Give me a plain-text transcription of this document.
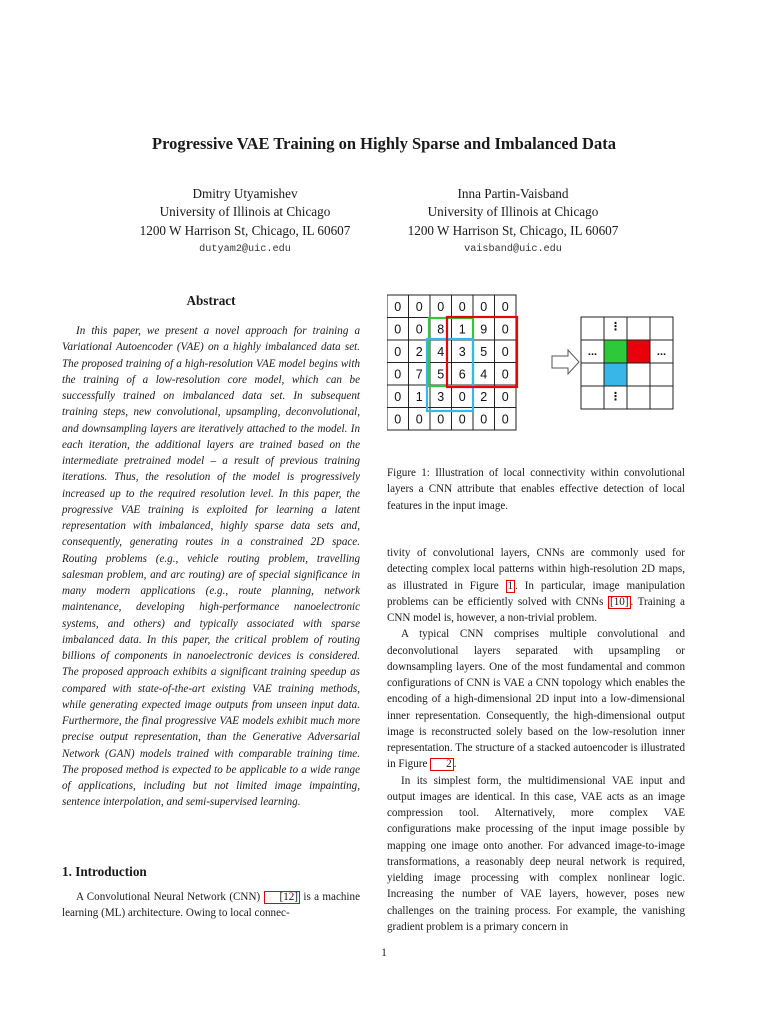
Progressive VAE Training on Highly Sparse and Imbalanced Data
Dmitry Utyamishev
University of Illinois at Chicago
1200 W Harrison St, Chicago, IL 60607
dutyam2@uic.edu
Inna Partin-Vaisband
University of Illinois at Chicago
1200 W Harrison St, Chicago, IL 60607
vaisband@uic.edu
Abstract

In this paper, we present a novel approach for training a Variational Autoencoder (VAE) on a highly imbalanced data set. The proposed training of a high-resolution VAE model begins with the training of a low-resolution core model, which can be successfully trained on imbalanced data set. In subsequent training steps, new convolutional, upsampling, deconvolutional, and downsampling layers are iteratively attached to the model. In each iteration, the additional layers are trained based on the intermediate pretrained model – a result of previous training iterations. Thus, the resolution of the model is progressively increased up to the required resolution level. In this paper, the progressive VAE training is exploited for learning a latent representation with imbalanced, highly sparse data sets and, consequently, generating routes in a constrained 2D space. Routing problems (e.g., vehicle routing problem, travelling salesman problem, and arc routing) are of special significance in many modern applications (e.g., route planning, network maintenance, developing high-performance nanoelectronic systems, and others) and typically associated with sparse imbalanced data. In this paper, the critical problem of routing billions of components in nanoelectronic devices is considered. The proposed approach exhibits a significant training speedup as compared with state-of-the-art existing VAE training methods, while generating expected image outputs from unseen input data. Furthermore, the final progressive VAE models exhibit much more precise output representation, than the Generative Adversarial Network (GAN) models trained with comparable training time. The proposed method is expected to be applicable to a wide range of applications, including but not limited image impainting, sentence interpolation, and semi-supervised learning.

1. Introduction

A Convolutional Neural Network (CNN) [12] is a machine learning (ML) architecture. Owing to local connec-

0 0 0 0 0 0
0 0 8 1 9 0
0 2 4 3 5 0
0 7 5 6 4 0
0 1 3 0 2 0
0 0 0 0 0 0
⋮
⋮
...	...

Figure 1: Illustration of local connectivity within convolutional layers a CNN attribute that enables effective detection of local features in the input image.

tivity of convolutional layers, CNNs are commonly used for detecting complex local patterns within high-resolution 2D maps, as illustrated in Figure 1 . In particular, image manipulation problems can be efficiently solved with CNNs [10] . Training a CNN model is, however, a non-trivial problem.

A typical CNN comprises multiple convolutional and deconvolutional layers separated with upsampling or downsampling layers. One of the most fundamental and common configurations of CNN is VAE a CNN topology which enables the encoding of a high-dimensional 2D input into a low-dimensional inner representation. Consequently, the high-dimensional output image is reconstructed solely based on the low-resolution inner representation. The structure of a stacked autoencoder is illustrated in Figure 2 .

In its simplest form, the multidimensional VAE input and output images are identical. In this case, VAE acts as an image compression tool. Alternatively, more complex VAE configurations make processing of the input image possible by mapping one image onto another. For advanced image-to-image transformations, a reasonably deep neural network is required, yielding image processing with complex nonlinear logic. Increasing the number of VAE layers, however, poses new challenges on the training process. For example, the vanishing gradient problem is a primary concern in

1
